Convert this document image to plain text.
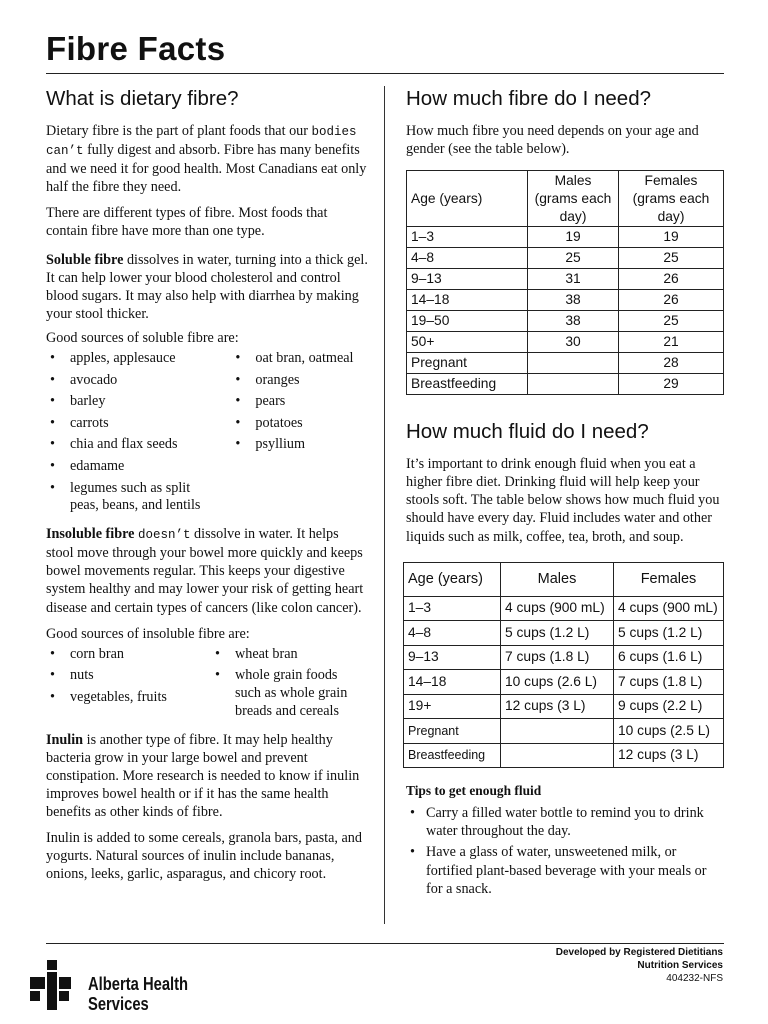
Fibre Facts
What is dietary fibre?

Dietary fibre is the part of plant foods that our bodies can’t fully digest and absorb. Fibre has many benefits and we need it for good health. Most Canadians eat only half the fibre they need.

There are different types of fibre. Most foods that contain fibre have more than one type.

Soluble fibre dissolves in water, turning into a thick gel. It can help lower your blood cholesterol and control blood sugars. It may also help with diarrhea by making your stool thicker.

Good sources of soluble fibre are:

• apples, applesauce
• avocado
• barley
• carrots
• chia and flax seeds
• edamame
• legumes such as split peas, beans, and lentils
• oat bran, oatmeal
• oranges
• pears
• potatoes
• psyllium

Insoluble fibre doesn’t dissolve in water. It helps stool move through your bowel more quickly and keeps bowel movements regular. This keeps your digestive system healthy and may lower your risk of getting heart disease and certain types of cancers (like colon cancer).

Good sources of insoluble fibre are:

• corn bran
• nuts
• vegetables, fruits
• wheat bran
• whole grain foods such as whole grain breads and cereals

Inulin is another type of fibre. It may help healthy bacteria grow in your large bowel and prevent constipation. More research is needed to know if inulin improves bowel health or if it has the same health benefits as other kinds of fibre.

Inulin is added to some cereals, granola bars, pasta, and yogurts. Natural sources of inulin include bananas, onions, leeks, garlic, asparagus, and chicory root.

How much fibre do I need?

How much fibre you need depends on your age and gender (see the table below).

Age (years)	Males (grams each day)	Females (grams each day)
1–3	19	19
4–8	25	25
9–13	31	26
14–18	38	26
19–50	38	25
50+	30	21
Pregnant		28
Breastfeeding		29
How much fluid do I need?

It’s important to drink enough fluid when you eat a higher fibre diet. Drinking fluid will help keep your stools soft. The table below shows how much fluid you should have every day. Fluid includes water and other liquids such as milk, coffee, tea, broth, and soup.

Age (years)	Males	Females
1–3	4 cups (900 mL)	4 cups (900 mL)
4–8	5 cups (1.2 L)	5 cups (1.2 L)
9–13	7 cups (1.8 L)	6 cups (1.6 L)
14–18	10 cups (2.6 L)	7 cups (1.8 L)
19+	12 cups (3 L)	9 cups (2.2 L)
Pregnant		10 cups (2.5 L)
Breastfeeding		12 cups (3 L)

Tips to get enough fluid

• Carry a filled water bottle to remind you to drink water throughout the day.
• Have a glass of water, unsweetened milk, or fortified plant-based beverage with your meals or for a snack.
Developed by Registered Dietitians
Nutrition Services
404232-NFS
Alberta Health
Services
